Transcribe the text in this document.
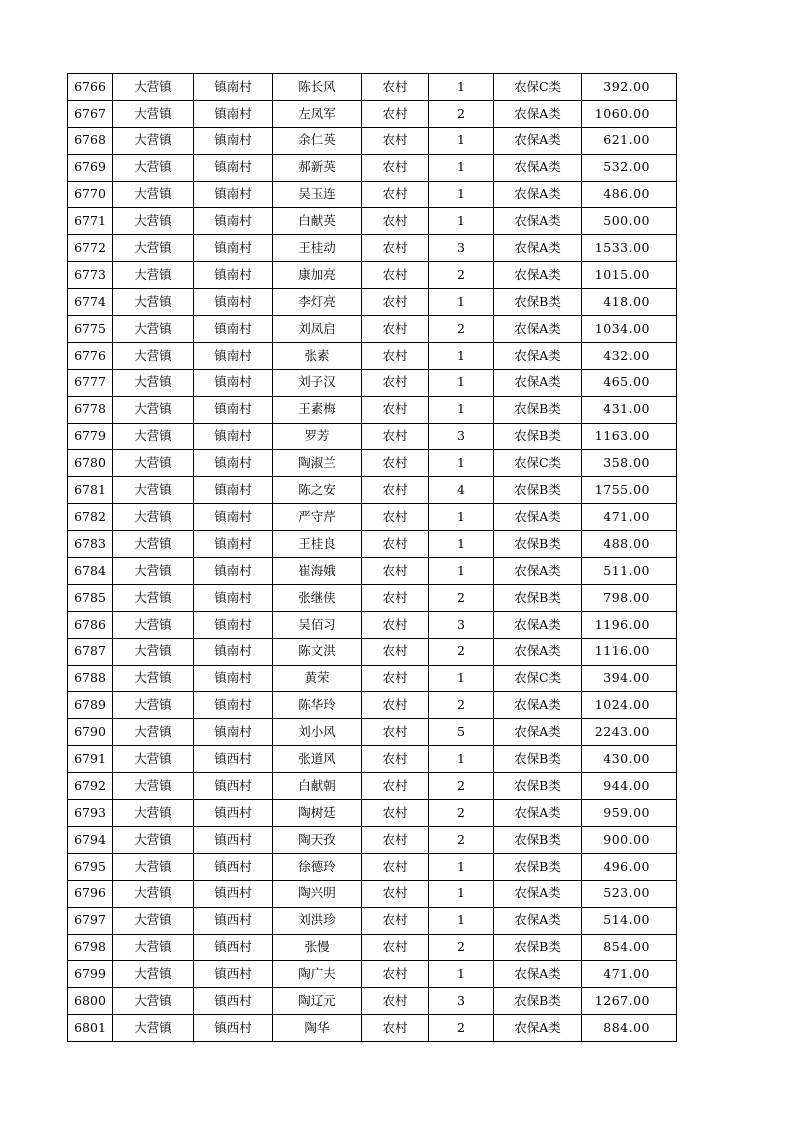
6766	大营镇	镇南村	陈长风	农村	1	农保C类	392.00
6767	大营镇	镇南村	左凤军	农村	2	农保A类	1060.00
6768	大营镇	镇南村	余仁英	农村	1	农保A类	621.00
6769	大营镇	镇南村	郝新英	农村	1	农保A类	532.00
6770	大营镇	镇南村	吴玉连	农村	1	农保A类	486.00
6771	大营镇	镇南村	白献英	农村	1	农保A类	500.00
6772	大营镇	镇南村	王桂动	农村	3	农保A类	1533.00
6773	大营镇	镇南村	康加亮	农村	2	农保A类	1015.00
6774	大营镇	镇南村	李灯亮	农村	1	农保B类	418.00
6775	大营镇	镇南村	刘凤启	农村	2	农保A类	1034.00
6776	大营镇	镇南村	张素	农村	1	农保A类	432.00
6777	大营镇	镇南村	刘子汉	农村	1	农保A类	465.00
6778	大营镇	镇南村	王素梅	农村	1	农保B类	431.00
6779	大营镇	镇南村	罗芳	农村	3	农保B类	1163.00
6780	大营镇	镇南村	陶淑兰	农村	1	农保C类	358.00
6781	大营镇	镇南村	陈之安	农村	4	农保B类	1755.00
6782	大营镇	镇南村	严守芹	农村	1	农保A类	471.00
6783	大营镇	镇南村	王桂良	农村	1	农保B类	488.00
6784	大营镇	镇南村	崔海娥	农村	1	农保A类	511.00
6785	大营镇	镇南村	张继侠	农村	2	农保B类	798.00
6786	大营镇	镇南村	吴佰习	农村	3	农保A类	1196.00
6787	大营镇	镇南村	陈文洪	农村	2	农保A类	1116.00
6788	大营镇	镇南村	黄荣	农村	1	农保C类	394.00
6789	大营镇	镇南村	陈华玲	农村	2	农保A类	1024.00
6790	大营镇	镇南村	刘小风	农村	5	农保A类	2243.00
6791	大营镇	镇西村	张道风	农村	1	农保B类	430.00
6792	大营镇	镇西村	白献朝	农村	2	农保B类	944.00
6793	大营镇	镇西村	陶树廷	农村	2	农保A类	959.00
6794	大营镇	镇西村	陶天孜	农村	2	农保B类	900.00
6795	大营镇	镇西村	徐德玲	农村	1	农保B类	496.00
6796	大营镇	镇西村	陶兴明	农村	1	农保A类	523.00
6797	大营镇	镇西村	刘洪珍	农村	1	农保A类	514.00
6798	大营镇	镇西村	张慢	农村	2	农保B类	854.00
6799	大营镇	镇西村	陶广夫	农村	1	农保A类	471.00
6800	大营镇	镇西村	陶辽元	农村	3	农保B类	1267.00
6801	大营镇	镇西村	陶华	农村	2	农保A类	884.00
